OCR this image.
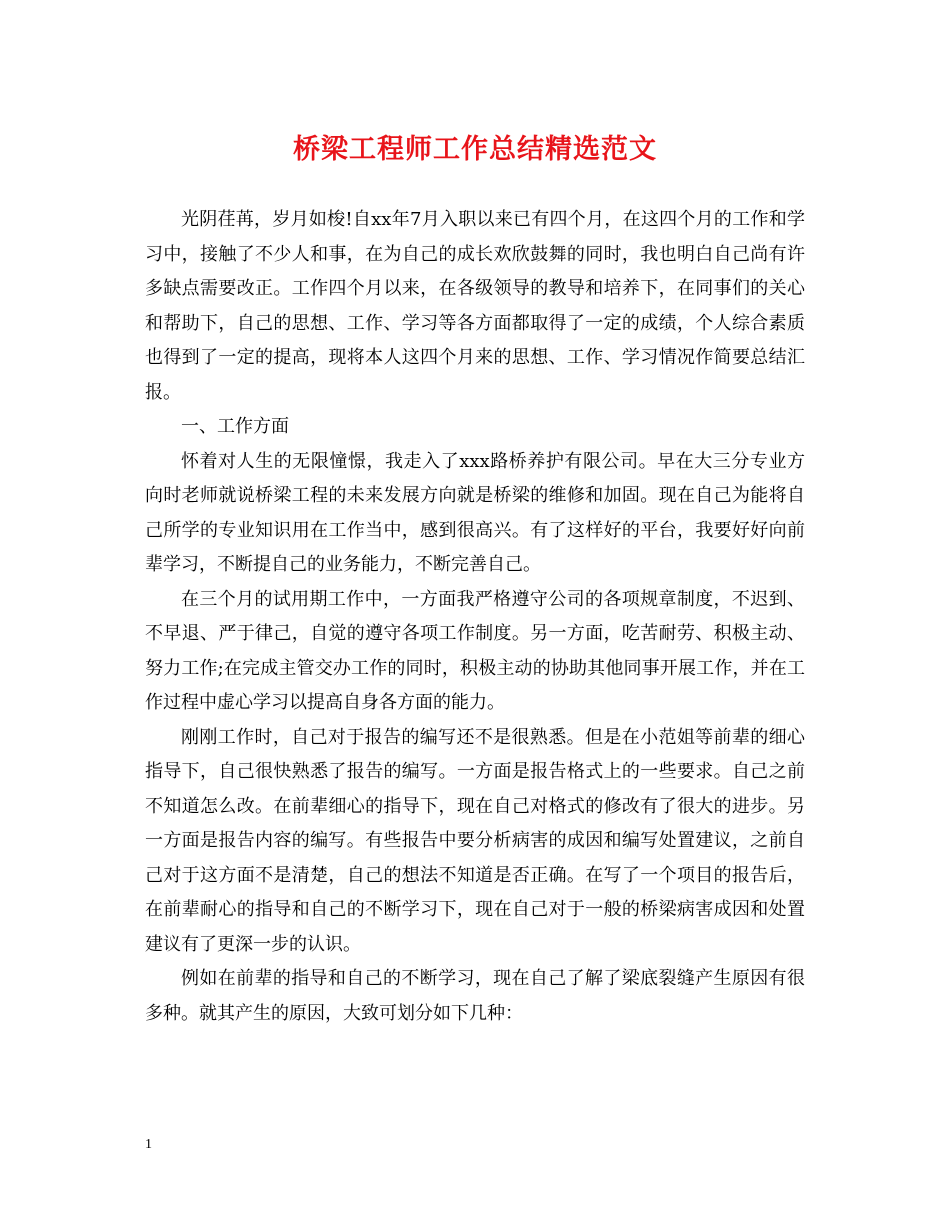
桥梁工程师工作总结精选范文

光阴荏苒，岁月如梭!自xx年7月入职以来已有四个月，在这四个月的工作和学习中，接触了不少人和事，在为自己的成长欢欣鼓舞的同时，我也明白自己尚有许多缺点需要改正。工作四个月以来，在各级领导的教导和培养下，在同事们的关心和帮助下，自己的思想、工作、学习等各方面都取得了一定的成绩，个人综合素质也得到了一定的提高，现将本人这四个月来的思想、工作、学习情况作简要总结汇报。

一、工作方面

怀着对人生的无限憧憬，我走入了xxx路桥养护有限公司。早在大三分专业方向时老师就说桥梁工程的未来发展方向就是桥梁的维修和加固。现在自己为能将自己所学的专业知识用在工作当中，感到很高兴。有了这样好的平台，我要好好向前辈学习，不断提自己的业务能力，不断完善自己。

在三个月的试用期工作中，一方面我严格遵守公司的各项规章制度，不迟到、不早退、严于律己，自觉的遵守各项工作制度。另一方面，吃苦耐劳、积极主动、努力工作;在完成主管交办工作的同时，积极主动的协助其他同事开展工作，并在工作过程中虚心学习以提高自身各方面的能力。

刚刚工作时，自己对于报告的编写还不是很熟悉。但是在小范姐等前辈的细心指导下，自己很快熟悉了报告的编写。一方面是报告格式上的一些要求。自己之前不知道怎么改。在前辈细心的指导下，现在自己对格式的修改有了很大的进步。另一方面是报告内容的编写。有些报告中要分析病害的成因和编写处置建议，之前自己对于这方面不是清楚，自己的想法不知道是否正确。在写了一个项目的报告后，在前辈耐心的指导和自己的不断学习下，现在自己对于一般的桥梁病害成因和处置建议有了更深一步的认识。

例如在前辈的指导和自己的不断学习，现在自己了解了梁底裂缝产生原因有很多种。就其产生的原因，大致可划分如下几种：

1
